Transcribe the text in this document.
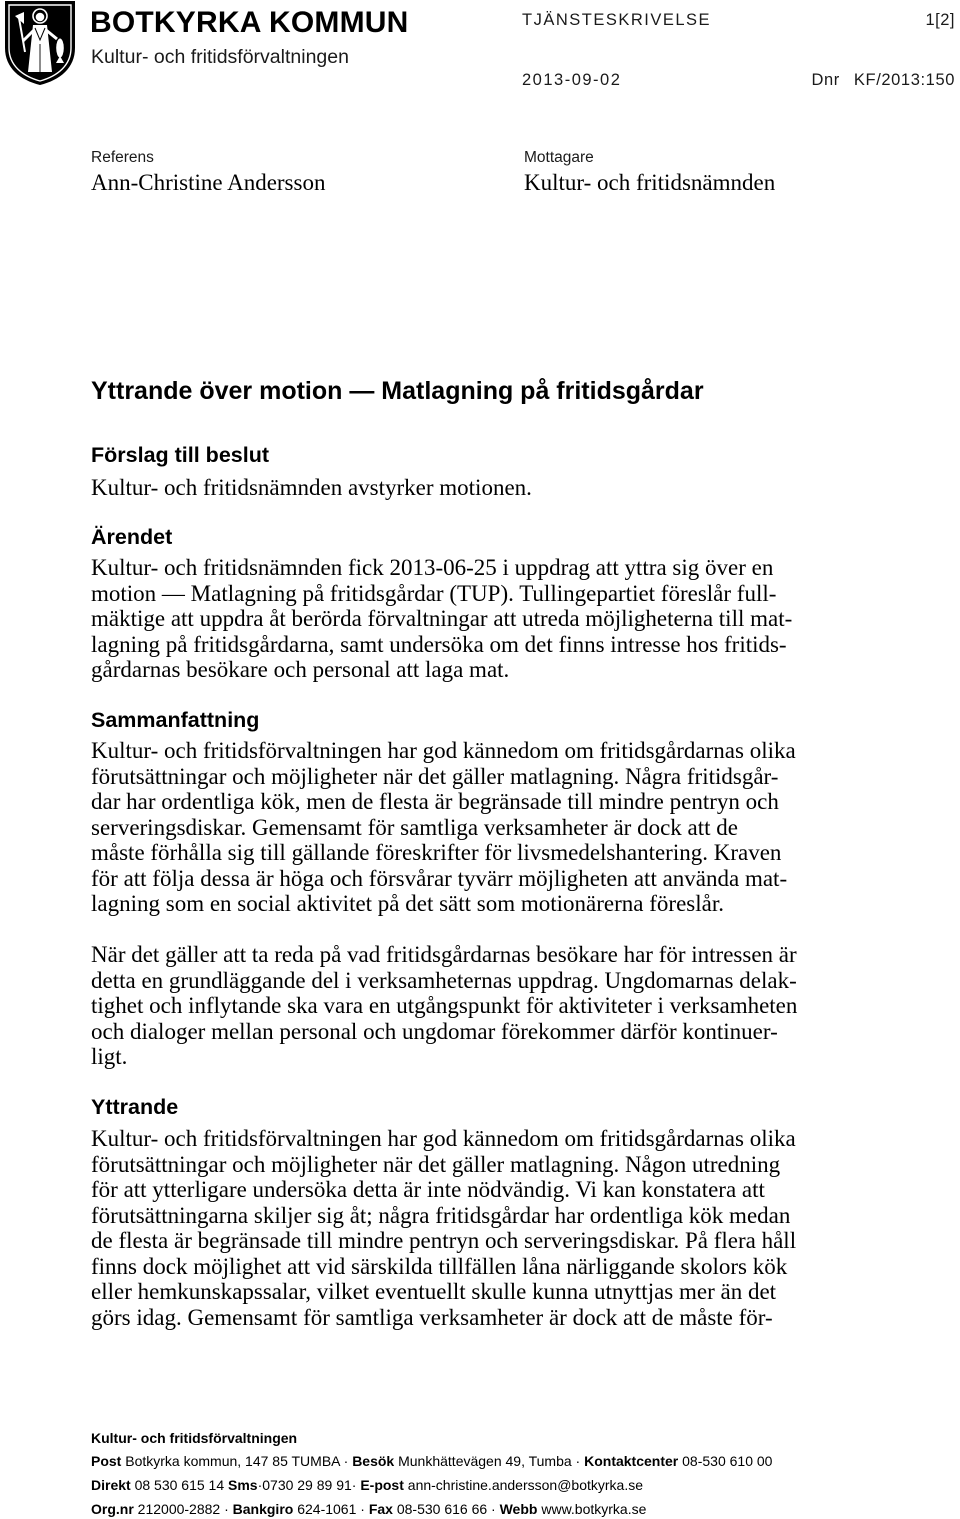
BOTKYRKA KOMMUN
Kultur- och fritidsförvaltningen
TJÄNSTESKRIVELSE	1[2]
2013-09-02	Dnr KF/2013:150
Referens
Ann-Christine Andersson
Mottagare
Kultur- och fritidsnämnden
Yttrande över motion — Matlagning på fritidsgårdar
Förslag till beslut
Kultur- och fritidsnämnden avstyrker motionen.
Ärendet
Kultur- och fritidsnämnden fick 2013-06-25 i uppdrag att yttra sig över en
motion — Matlagning på fritidsgårdar (TUP). Tullingepartiet föreslår full-
mäktige att uppdra åt berörda förvaltningar att utreda möjligheterna till mat-
lagning på fritidsgårdarna, samt undersöka om det finns intresse hos fritids-
gårdarnas besökare och personal att laga mat.
Sammanfattning
Kultur- och fritidsförvaltningen har god kännedom om fritidsgårdarnas olika
förutsättningar och möjligheter när det gäller matlagning. Några fritidsgår-
dar har ordentliga kök, men de flesta är begränsade till mindre pentryn och
serveringsdiskar. Gemensamt för samtliga verksamheter är dock att de
måste förhålla sig till gällande föreskrifter för livsmedelshantering. Kraven
för att följa dessa är höga och försvårar tyvärr möjligheten att använda mat-
lagning som en social aktivitet på det sätt som motionärerna föreslår.
När det gäller att ta reda på vad fritidsgårdarnas besökare har för intressen är
detta en grundläggande del i verksamheternas uppdrag. Ungdomarnas delak-
tighet och inflytande ska vara en utgångspunkt för aktiviteter i verksamheten
och dialoger mellan personal och ungdomar förekommer därför kontinuer-
ligt.
Yttrande
Kultur- och fritidsförvaltningen har god kännedom om fritidsgårdarnas olika
förutsättningar och möjligheter när det gäller matlagning. Någon utredning
för att ytterligare undersöka detta är inte nödvändig. Vi kan konstatera att
förutsättningarna skiljer sig åt; några fritidsgårdar har ordentliga kök medan
de flesta är begränsade till mindre pentryn och serveringsdiskar. På flera håll
finns dock möjlighet att vid särskilda tillfällen låna närliggande skolors kök
eller hemkunskapssalar, vilket eventuellt skulle kunna utnyttjas mer än det
görs idag. Gemensamt för samtliga verksamheter är dock att de måste för-
Kultur- och fritidsförvaltningen
Post Botkyrka kommun, 147 85 TUMBA · Besök Munkhättevägen 49, Tumba · Kontaktcenter 08-530 610 00
Direkt 08 530 615 14 Sms·0730 29 89 91· E-post ann-christine.andersson@botkyrka.se
Org.nr 212000-2882 · Bankgiro 624-1061 · Fax 08-530 616 66 · Webb www.botkyrka.se
